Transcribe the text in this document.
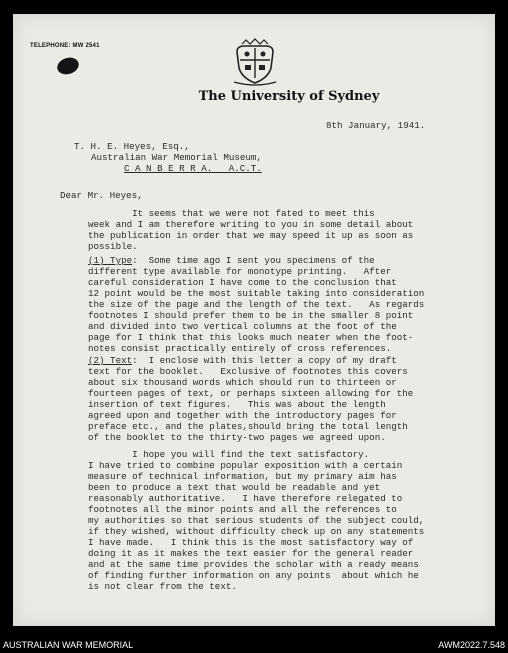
TELEPHONE: MW 2541
The University of Sydney
8th January, 1941.
T. H. E. Heyes, Esq.,
Australian War Memorial Museum,
C A N B E R R A.   A.C.T.
Dear Mr. Heyes,
It seems that we were not fated to meet this
week and I am therefore writing to you in some detail about
the publication in order that we may speed it up as soon as
possible.
(1) Type:  Some time ago I sent you specimens of the
different type available for monotype printing.   After
careful consideration I have come to the conclusion that
12 point would be the most suitable taking into consideration
the size of the page and the length of the text.   As regards
footnotes I should prefer them to be in the smaller 8 point
and divided into two vertical columns at the foot of the
page for I think that this looks much neater when the foot-
notes consist practically entirely of cross references.
(2) Text:  I enclose with this letter a copy of my draft
text for the booklet.   Exclusive of footnotes this covers
about six thousand words which should run to thirteen or
fourteen pages of text, or perhaps sixteen allowing for the
insertion of text figures.   This was about the length
agreed upon and together with the introductory pages for
preface etc., and the plates,should bring the total length
of the booklet to the thirty-two pages we agreed upon.
I hope you will find the text satisfactory.
I have tried to combine popular exposition with a certain
measure of technical information, but my primary aim has
been to produce a text that would be readable and yet
reasonably authoritative.   I have therefore relegated to
footnotes all the minor points and all the references to
my authorities so that serious students of the subject could,
if they wished, without difficulty check up on any statements
I have made.   I think this is the most satisfactory way of
doing it as it makes the text easier for the general reader
and at the same time provides the scholar with a ready means
of finding further information on any points  about which he
is not clear from the text.
AUSTRALIAN WAR MEMORIAL	AWM2022.7.548
